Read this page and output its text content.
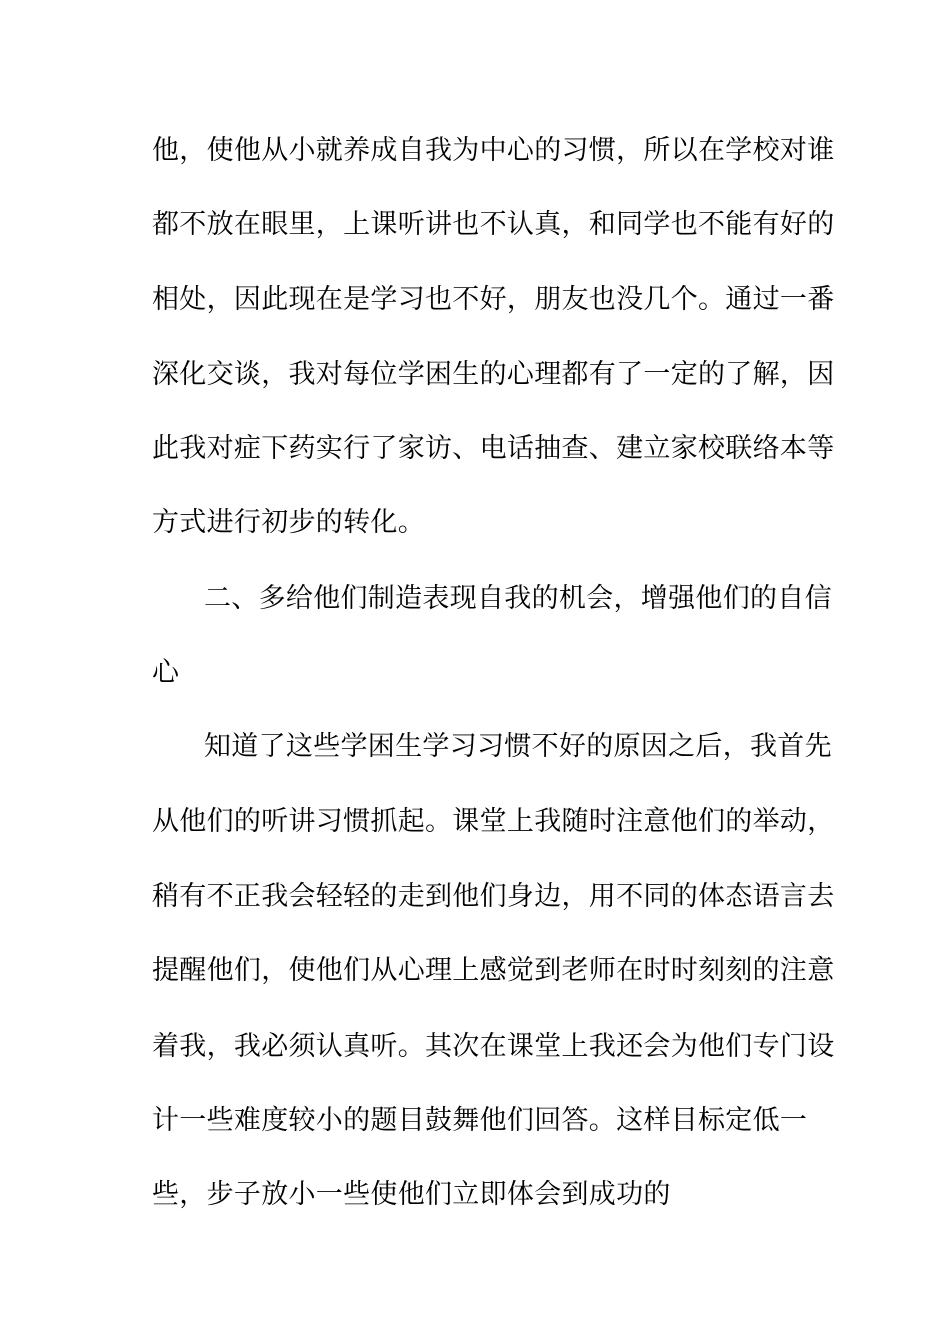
他，使他从小就养成自我为中心的习惯，所以在学校对谁
都不放在眼里，上课听讲也不认真，和同学也不能有好的
相处，因此现在是学习也不好，朋友也没几个。通过一番
深化交谈，我对每位学困生的心理都有了一定的了解，因
此我对症下药实行了家访、电话抽查、建立家校联络本等
方式进行初步的转化。
二、多给他们制造表现自我的机会，增强他们的自信
心
知道了这些学困生学习习惯不好的原因之后，我首先
从他们的听讲习惯抓起。课堂上我随时注意他们的举动，
稍有不正我会轻轻的走到他们身边，用不同的体态语言去
提醒他们，使他们从心理上感觉到老师在时时刻刻的注意
着我，我必须认真听。其次在课堂上我还会为他们专门设
计一些难度较小的题目鼓舞他们回答。这样目标定低一
些，步子放小一些使他们立即体会到成功的
